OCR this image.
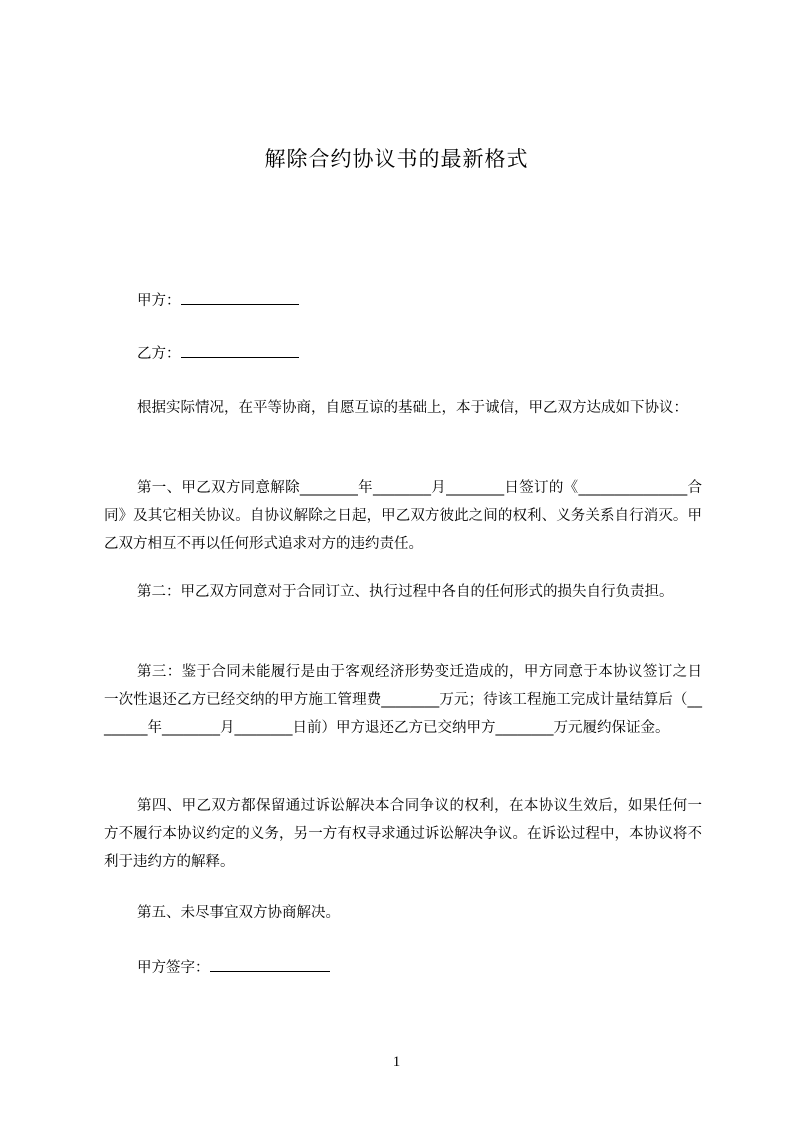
解除合约协议书的最新格式
甲方：
乙方：
根据实际情况，在平等协商，自愿互谅的基础上，本于诚信，甲乙双方达成如下协议：
第一、甲乙双方同意解除________年________月________日签订的《_______________合同》及其它相关协议。自协议解除之日起，甲乙双方彼此之间的权利、义务关系自行消灭。甲乙双方相互不再以任何形式追求对方的违约责任。
第二：甲乙双方同意对于合同订立、执行过程中各自的任何形式的损失自行负责担。
第三：鉴于合同未能履行是由于客观经济形势变迁造成的，甲方同意于本协议签订之日一次性退还乙方已经交纳的甲方施工管理费________万元；待该工程施工完成计量结算后（________年________月________日前）甲方退还乙方已交纳甲方________万元履约保证金。
第四、甲乙双方都保留通过诉讼解决本合同争议的权利，在本协议生效后，如果任何一方不履行本协议约定的义务，另一方有权寻求通过诉讼解决争议。在诉讼过程中，本协议将不利于违约方的解释。
第五、未尽事宜双方协商解决。
甲方签字：
1
